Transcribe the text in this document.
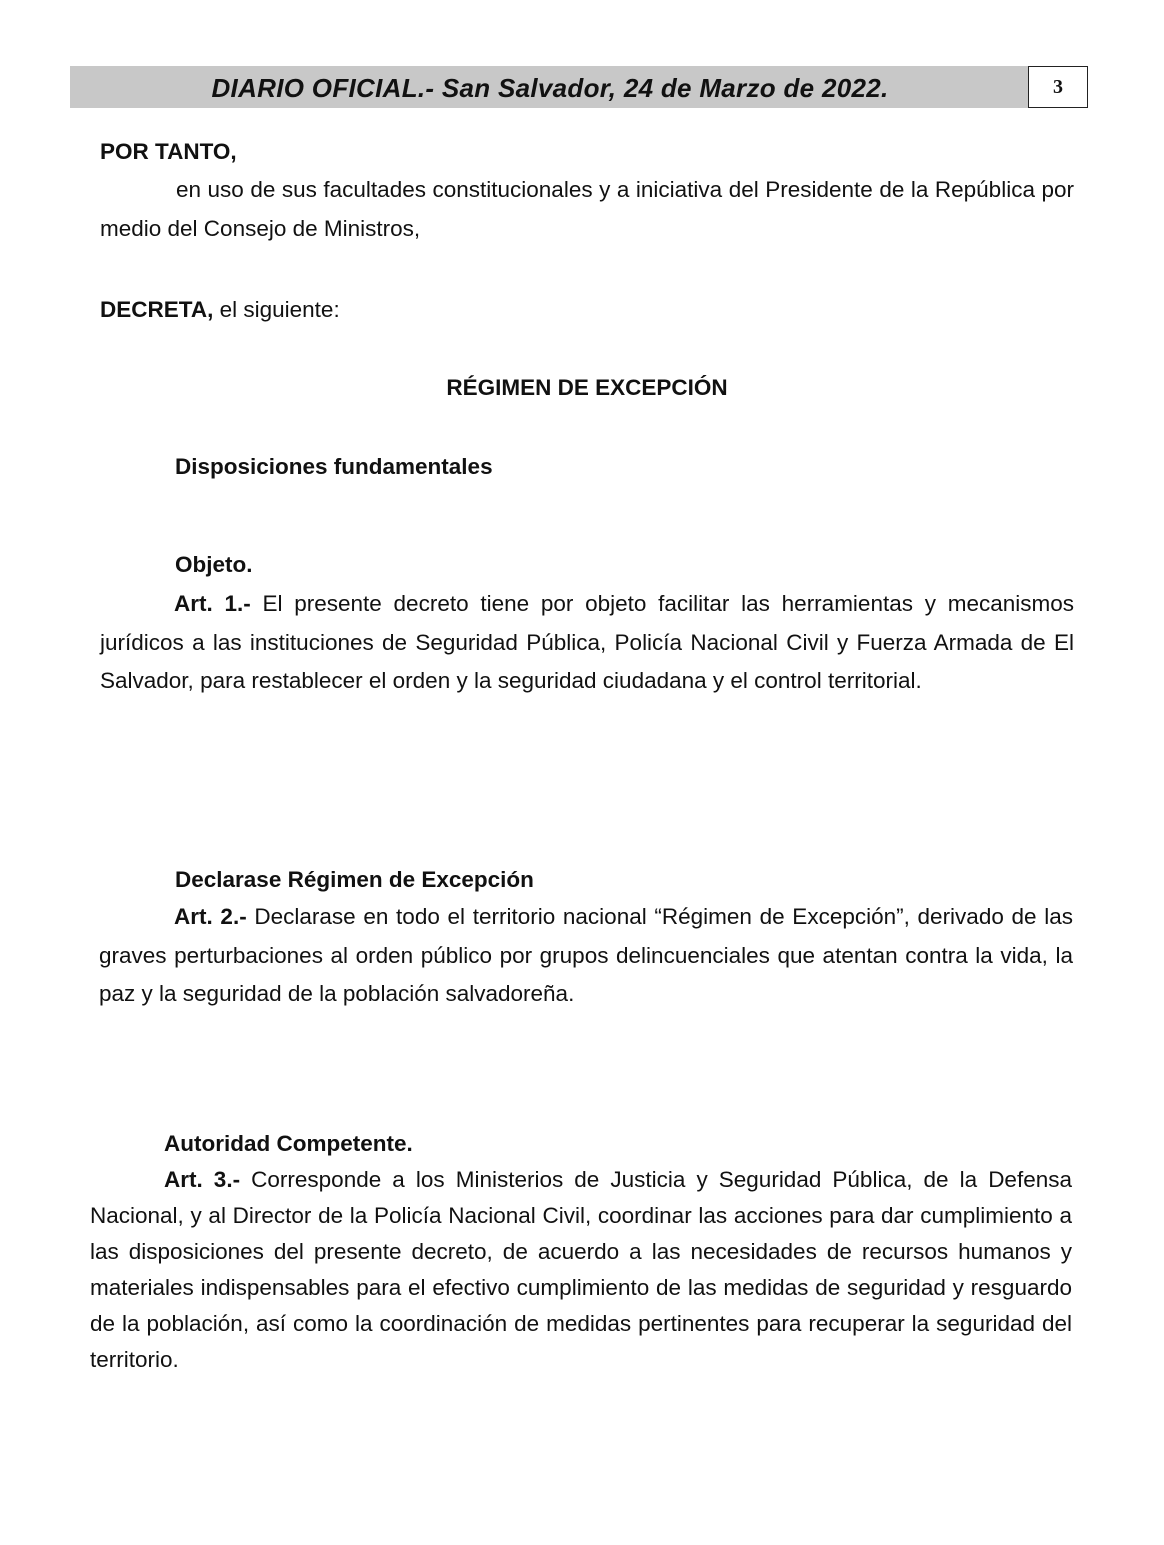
DIARIO OFICIAL.- San Salvador, 24 de Marzo de 2022.	3
POR TANTO,
en uso de sus facultades constitucionales y a iniciativa del Presidente de la República por medio del Consejo de Ministros,
DECRETA, el siguiente:
RÉGIMEN DE EXCEPCIÓN
Disposiciones fundamentales
Objeto.
Art. 1.- El presente decreto tiene por objeto facilitar las herramientas y mecanismos jurídicos a las instituciones de Seguridad Pública, Policía Nacional Civil y Fuerza Armada de El Salvador, para restablecer el orden y la seguridad ciudadana y el control territorial.
Declarase Régimen de Excepción
Art. 2.- Declarase en todo el territorio nacional “Régimen de Excepción”, derivado de las graves perturbaciones al orden público por grupos delincuenciales que atentan contra la vida, la paz y la seguridad de la población salvadoreña.
Autoridad Competente.
Art. 3.- Corresponde a los Ministerios de Justicia y Seguridad Pública, de la Defensa Nacional, y al Director de la Policía Nacional Civil, coordinar las acciones para dar cumplimiento a las disposiciones del presente decreto, de acuerdo a las necesidades de recursos humanos y materiales indispensables para el efectivo cumplimiento de las medidas de seguridad y resguardo de la población, así como la coordinación de medidas pertinentes para recuperar la seguridad del territorio.
